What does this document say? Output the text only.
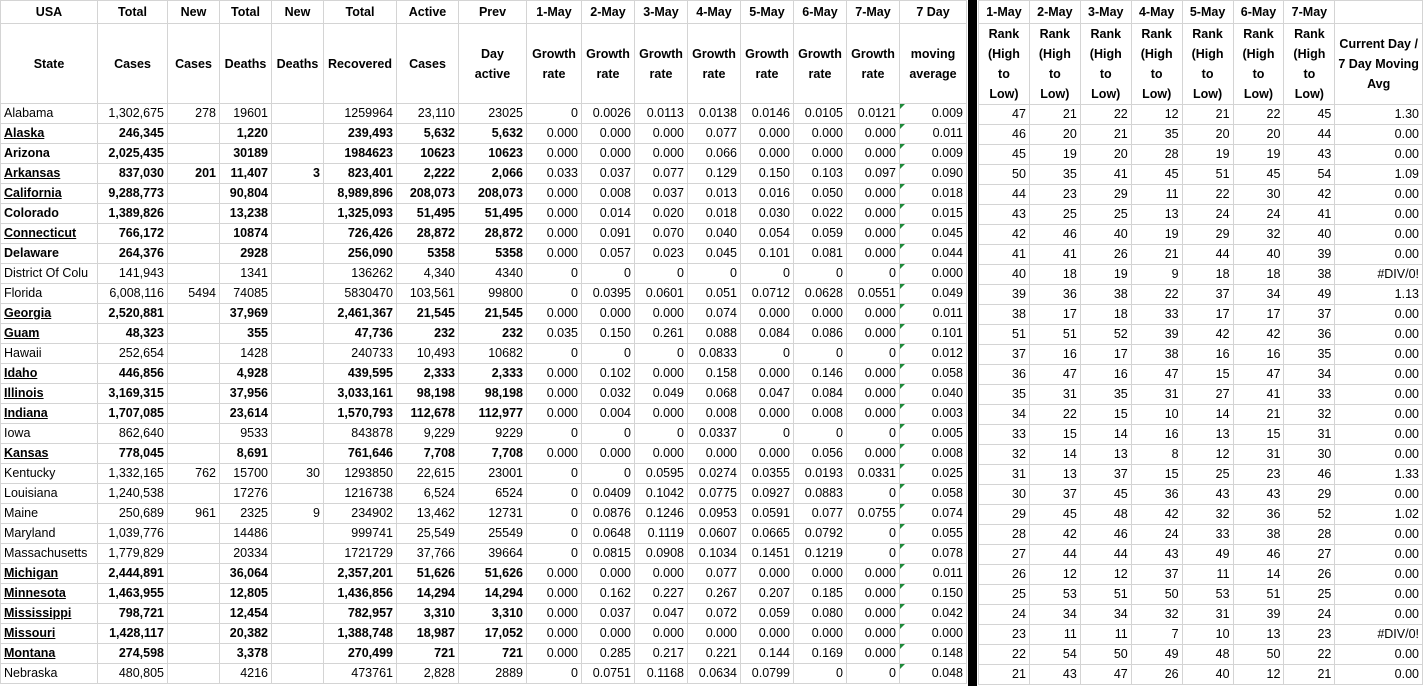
USA	Total	New	Total	New	Total	Active	Prev	1-May	2-May	3-May	4-May	5-May	6-May	7-May	7 Day
State	Cases	Cases	Deaths	Deaths	Recovered	Cases	Day active	Growth rate	Growth rate	Growth rate	Growth rate	Growth rate	Growth rate	Growth rate	moving average
Alabama	1,302,675	278	19601		1259964	23,110	23025	0	0.0026	0.0113	0.0138	0.0146	0.0105	0.0121	0.009
Alaska	246,345		1,220		239,493	5,632	5,632	0.000	0.000	0.000	0.077	0.000	0.000	0.000	0.011
Arizona	2,025,435		30189		1984623	10623	10623	0.000	0.000	0.000	0.066	0.000	0.000	0.000	0.009
Arkansas	837,030	201	11,407	3	823,401	2,222	2,066	0.033	0.037	0.077	0.129	0.150	0.103	0.097	0.090
California	9,288,773		90,804		8,989,896	208,073	208,073	0.000	0.008	0.037	0.013	0.016	0.050	0.000	0.018
Colorado	1,389,826		13,238		1,325,093	51,495	51,495	0.000	0.014	0.020	0.018	0.030	0.022	0.000	0.015
Connecticut	766,172		10874		726,426	28,872	28,872	0.000	0.091	0.070	0.040	0.054	0.059	0.000	0.045
Delaware	264,376		2928		256,090	5358	5358	0.000	0.057	0.023	0.045	0.101	0.081	0.000	0.044
District Of Colu	141,943		1341		136262	4,340	4340	0	0	0	0	0	0	0	0.000
Florida	6,008,116	5494	74085		5830470	103,561	99800	0	0.0395	0.0601	0.051	0.0712	0.0628	0.0551	0.049
Georgia	2,520,881		37,969		2,461,367	21,545	21,545	0.000	0.000	0.000	0.074	0.000	0.000	0.000	0.011
Guam	48,323		355		47,736	232	232	0.035	0.150	0.261	0.088	0.084	0.086	0.000	0.101
Hawaii	252,654		1428		240733	10,493	10682	0	0	0	0.0833	0	0	0	0.012
Idaho	446,856		4,928		439,595	2,333	2,333	0.000	0.102	0.000	0.158	0.000	0.146	0.000	0.058
Illinois	3,169,315		37,956		3,033,161	98,198	98,198	0.000	0.032	0.049	0.068	0.047	0.084	0.000	0.040
Indiana	1,707,085		23,614		1,570,793	112,678	112,977	0.000	0.004	0.000	0.008	0.000	0.008	0.000	0.003
Iowa	862,640		9533		843878	9,229	9229	0	0	0	0.0337	0	0	0	0.005
Kansas	778,045		8,691		761,646	7,708	7,708	0.000	0.000	0.000	0.000	0.000	0.056	0.000	0.008
Kentucky	1,332,165	762	15700	30	1293850	22,615	23001	0	0	0.0595	0.0274	0.0355	0.0193	0.0331	0.025
Louisiana	1,240,538		17276		1216738	6,524	6524	0	0.0409	0.1042	0.0775	0.0927	0.0883	0	0.058
Maine	250,689	961	2325	9	234902	13,462	12731	0	0.0876	0.1246	0.0953	0.0591	0.077	0.0755	0.074
Maryland	1,039,776		14486		999741	25,549	25549	0	0.0648	0.1119	0.0607	0.0665	0.0792	0	0.055
Massachusetts	1,779,829		20334		1721729	37,766	39664	0	0.0815	0.0908	0.1034	0.1451	0.1219	0	0.078
Michigan	2,444,891		36,064		2,357,201	51,626	51,626	0.000	0.000	0.000	0.077	0.000	0.000	0.000	0.011
Minnesota	1,463,955		12,805		1,436,856	14,294	14,294	0.000	0.162	0.227	0.267	0.207	0.185	0.000	0.150
Mississippi	798,721		12,454		782,957	3,310	3,310	0.000	0.037	0.047	0.072	0.059	0.080	0.000	0.042
Missouri	1,428,117		20,382		1,388,748	18,987	17,052	0.000	0.000	0.000	0.000	0.000	0.000	0.000	0.000
Montana	274,598		3,378		270,499	721	721	0.000	0.285	0.217	0.221	0.144	0.169	0.000	0.148
Nebraska	480,805		4216		473761	2,828	2889	0	0.0751	0.1168	0.0634	0.0799	0	0	0.048
1-May	2-May	3-May	4-May	5-May	6-May	7-May	
Rank (High to Low)	Rank (High to Low)	Rank (High to Low)	Rank (High to Low)	Rank (High to Low)	Rank (High to Low)	Rank (High to Low)	Current Day / 7 Day Moving Avg
47	21	22	12	21	22	45	1.30
46	20	21	35	20	20	44	0.00
45	19	20	28	19	19	43	0.00
50	35	41	45	51	45	54	1.09
44	23	29	11	22	30	42	0.00
43	25	25	13	24	24	41	0.00
42	46	40	19	29	32	40	0.00
41	41	26	21	44	40	39	0.00
40	18	19	9	18	18	38	#DIV/0!
39	36	38	22	37	34	49	1.13
38	17	18	33	17	17	37	0.00
51	51	52	39	42	42	36	0.00
37	16	17	38	16	16	35	0.00
36	47	16	47	15	47	34	0.00
35	31	35	31	27	41	33	0.00
34	22	15	10	14	21	32	0.00
33	15	14	16	13	15	31	0.00
32	14	13	8	12	31	30	0.00
31	13	37	15	25	23	46	1.33
30	37	45	36	43	43	29	0.00
29	45	48	42	32	36	52	1.02
28	42	46	24	33	38	28	0.00
27	44	44	43	49	46	27	0.00
26	12	12	37	11	14	26	0.00
25	53	51	50	53	51	25	0.00
24	34	34	32	31	39	24	0.00
23	11	11	7	10	13	23	#DIV/0!
22	54	50	49	48	50	22	0.00
21	43	47	26	40	12	21	0.00
